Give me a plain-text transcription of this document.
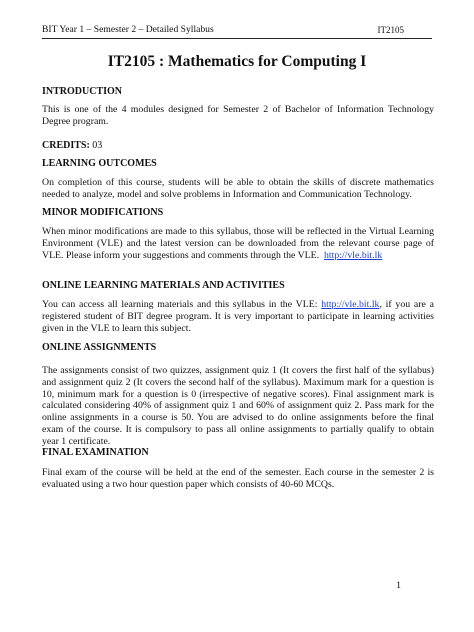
BIT Year 1 – Semester 2 – Detailed Syllabus	IT2105
IT2105 : Mathematics for Computing I
INTRODUCTION
This is one of the 4 modules designed for Semester 2 of Bachelor of Information Technology
Degree program.
CREDITS: 03
LEARNING OUTCOMES
On completion of this course, students will be able to obtain the skills of discrete mathematics
needed to analyze, model and solve problems in Information and Communication Technology.
MINOR MODIFICATIONS
When minor modifications are made to this syllabus, those will be reflected in the Virtual Learning
Environment (VLE) and the latest version can be downloaded from the relevant course page of
VLE. Please inform your suggestions and comments through the VLE. http://vle.bit.lk
ONLINE LEARNING MATERIALS AND ACTIVITIES
You can access all learning materials and this syllabus in the VLE: http://vle.bit.lk, if you are a
registered student of BIT degree program. It is very important to participate in learning activities
given in the VLE to learn this subject.
ONLINE ASSIGNMENTS
The assignments consist of two quizzes, assignment quiz 1 (It covers the first half of the syllabus)
and assignment quiz 2 (It covers the second half of the syllabus). Maximum mark for a question is
10, minimum mark for a question is 0 (irrespective of negative scores). Final assignment mark is
calculated considering 40% of assignment quiz 1 and 60% of assignment quiz 2. Pass mark for the
online assignments in a course is 50. You are advised to do online assignments before the final
exam of the course. It is compulsory to pass all online assignments to partially qualify to obtain
year 1 certificate.
FINAL EXAMINATION
Final exam of the course will be held at the end of the semester. Each course in the semester 2 is
evaluated using a two hour question paper which consists of 40-60 MCQs.
1
